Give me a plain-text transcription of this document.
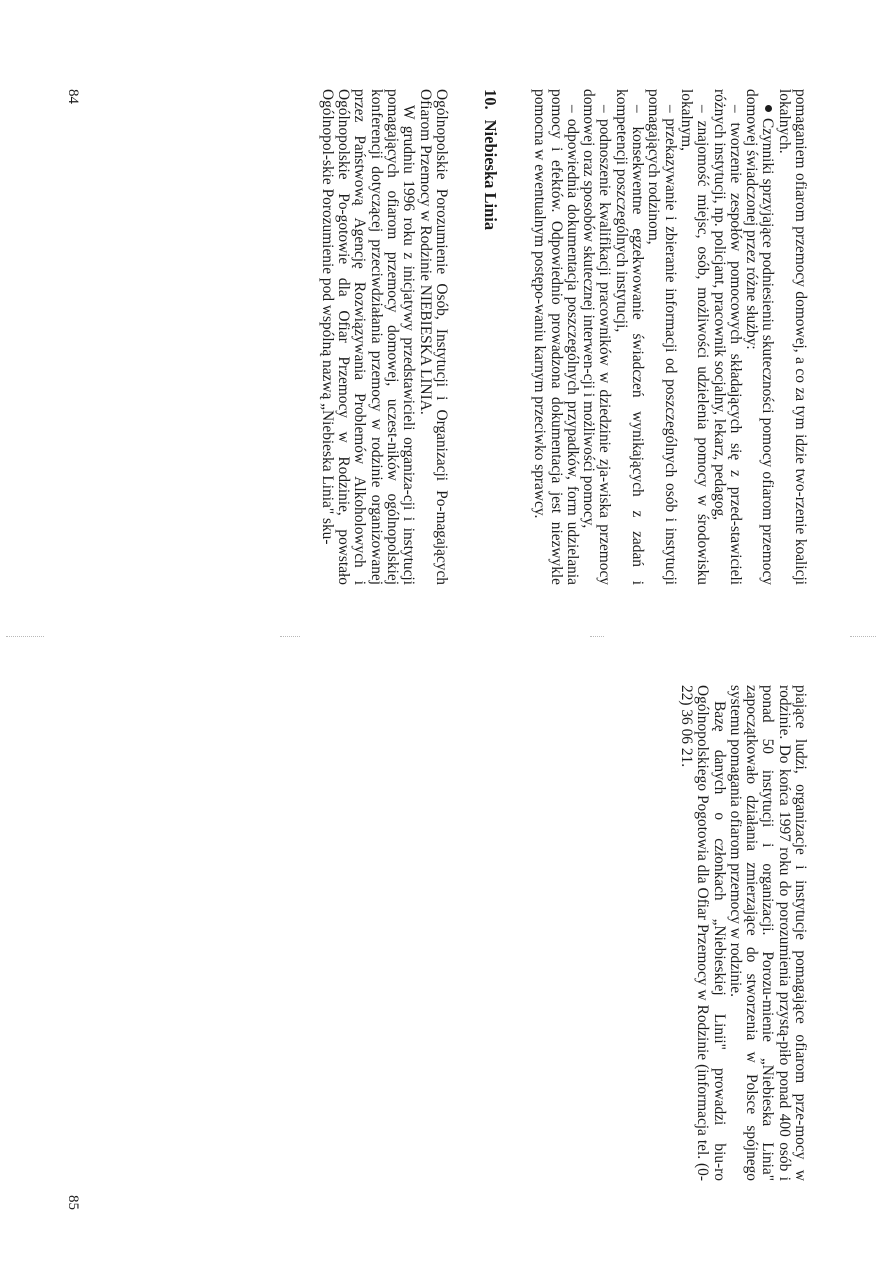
pomaganiem ofiarom przemocy domowej, a co za tym idzie two-rzenie koalicji lokalnych.

Czynniki sprzyjające podniesieniu skuteczności pomocy ofiarom przemocy domowej świadczonej przez różne służby:

– tworzenie zespołów pomocowych składających się z przed-stawicieli różnych instytucji, np. policjant, pracownik socjalny, lekarz, pedagog,

– znajomość miejsc, osób, możliwości udzielenia pomocy w środowisku lokalnym,

– przekazywanie i zbieranie informacji od poszczególnych osób i instytucji pomagających rodzinom,

– konsekwentne egzekwowanie świadczeń wynikających z zadań i kompetencji poszczególnych instytucji,

– podnoszenie kwalifikacji pracowników w dziedzinie zja-wiska przemocy domowej oraz sposobów skutecznej interwen-cji i możliwości pomocy,

– odpowiednia dokumentacja poszczególnych przypadków, form udzielania pomocy i efektów. Odpowiednio prowadzona dokumentacja jest niezwykle pomocna w ewentualnym postępo-waniu karnym przeciwko sprawcy.

10.Niebieska Linia

Ogólnopolskie Porozumienie Osób, Instytucji i Organizacji Po-magających Ofiarom Przemocy w Rodzinie NIEBIESKA LINIA.

W grudniu 1996 roku z inicjatywy przedstawicieli organiza-cji i instytucji pomagających ofiarom przemocy domowej, uczest-ników ogólnopolskiej konferencji dotyczącej przeciwdziałania przemocy w rodzinie organizowanej przez Państwową Agencję Rozwiązywania Problemów Alkoholowych i Ogólnopolskie Po-gotowie dla Ofiar Przemocy w Rodzinie, powstało Ogólnopol-skie Porozumienie pod wspólną nazwą „Niebieska Linia" sku-

84

piające ludzi, organizacje i instytucje pomagające ofiarom prze-mocy w rodzinie. Do końca 1997 roku do porozumienia przystą-piło ponad 400 osób i ponad 50 instytucji i organizacji. Porozu-mienie „Niebieska Linia" zapoczątkowało działania zmierzające do stworzenia w Polsce spójnego systemu pomagania ofiarom przemocy w rodzinie.

Bazę danych o członkach „Niebieskiej Linii" prowadzi biu-ro Ogólnopolskiego Pogotowia dla Ofiar Przemocy w Rodzinie (informacja tel. (0-22) 36 06 21.

85
